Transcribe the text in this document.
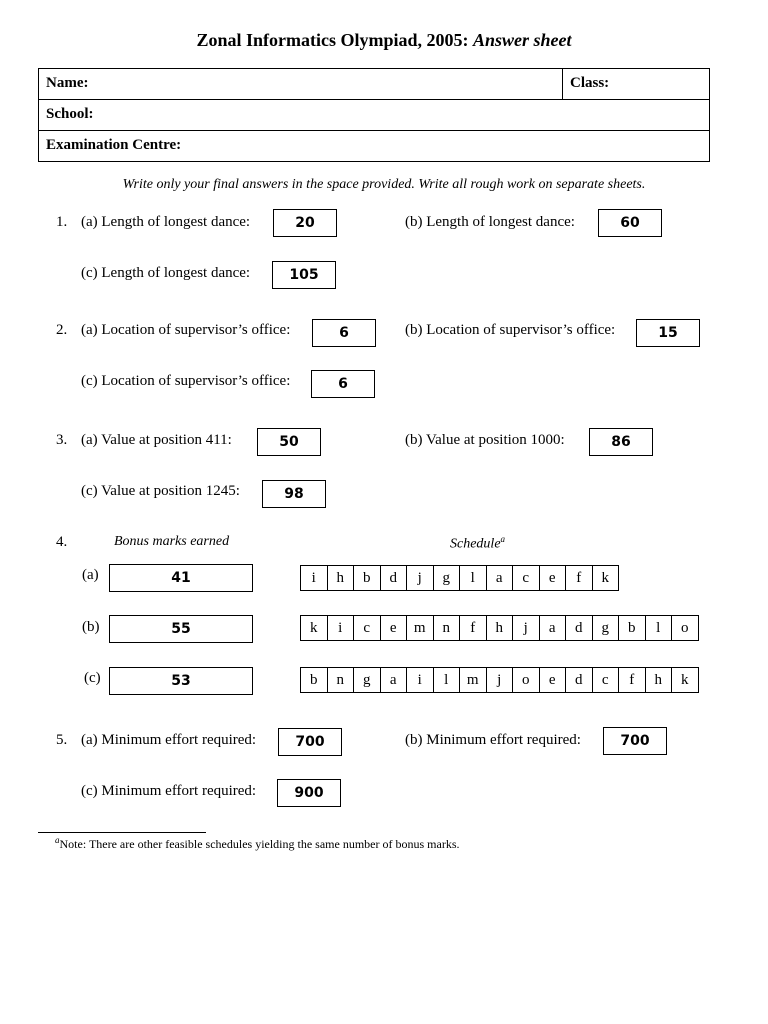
Zonal Informatics Olympiad, 2005: Answer sheet
Name:	Class:
School:
Examination Centre:
Write only your final answers in the space provided. Write all rough work on separate sheets.
1. (a) Length of longest dance:	20	(b) Length of longest dance:	60
(c) Length of longest dance:	105
2. (a) Location of supervisor’s office:	6	(b) Location of supervisor’s office:	15
(c) Location of supervisor’s office:	6
3. (a) Value at position 411:	50	(b) Value at position 1000:	86
(c) Value at position 1245:	98
4.	Bonus marks earned	Schedule$^a$
(a)	41	i	h	b	d	j	g	l	a	c	e	f	k
(b)	55	k	i	c	e	m	n	f	h	j	a	d	g	b	l	o
(c)	53	b	n	g	a	i	l	m	j	o	e	d	c	f	h	k
5. (a) Minimum effort required:	700	(b) Minimum effort required:	700
(c) Minimum effort required:	900
$^a$Note: There are other feasible schedules yielding the same number of bonus marks.
